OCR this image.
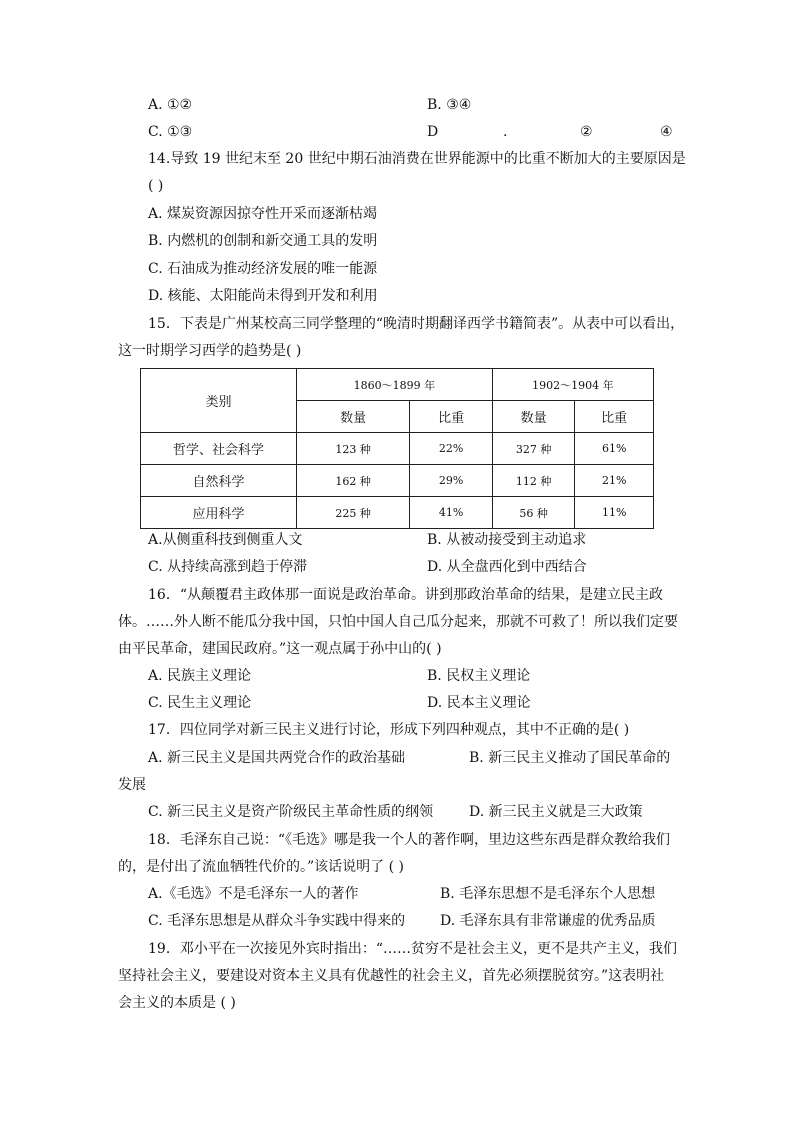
A. ①②	B. ③④
C. ①③	D	.	②	④
14.导致 19 世纪末至 20 世纪中期石油消费在世界能源中的比重不断加大的主要原因是
( )
A. 煤炭资源因掠夺性开采而逐渐枯竭
B. 内燃机的创制和新交通工具的发明
C. 石油成为推动经济发展的唯一能源
D. 核能、太阳能尚未得到开发和利用
15．下表是广州某校高三同学整理的“晚清时期翻译西学书籍简表”。从表中可以看出，
这一时期学习西学的趋势是( )
类别	1860～1899 年		1902～1904 年	
	数量	比重	数量	比重
哲学、社会科学	123 种	22%	327 种	61%
自然科学	162 种	29%	112 种	21%
应用科学	225 种	41%	56 种	11%
A.从侧重科技到侧重人文	B. 从被动接受到主动追求
C. 从持续高涨到趋于停滞	D. 从全盘西化到中西结合
16．“从颠覆君主政体那一面说是政治革命。讲到那政治革命的结果，是建立民主政
体。……外人断不能瓜分我中国，只怕中国人自己瓜分起来，那就不可救了！所以我们定要
由平民革命，建国民政府。”这一观点属于孙中山的( )
A. 民族主义理论	B. 民权主义理论
C. 民生主义理论	D. 民本主义理论
17．四位同学对新三民主义进行讨论，形成下列四种观点，其中不正确的是( )
A. 新三民主义是国共两党合作的政治基础	B. 新三民主义推动了国民革命的
发展
C. 新三民主义是资产阶级民主革命性质的纲领	D. 新三民主义就是三大政策
18．毛泽东自己说：“《毛选》哪是我一个人的著作啊，里边这些东西是群众教给我们
的，是付出了流血牺牲代价的。”该话说明了 ( )
A.《毛选》不是毛泽东一人的著作	B. 毛泽东思想不是毛泽东个人思想
C. 毛泽东思想是从群众斗争实践中得来的 D. 毛泽东具有非常谦虚的优秀品质
19．邓小平在一次接见外宾时指出：“……贫穷不是社会主义，更不是共产主义，我们
坚持社会主义，要建设对资本主义具有优越性的社会主义，首先必须摆脱贫穷。”这表明社
会主义的本质是 ( )
